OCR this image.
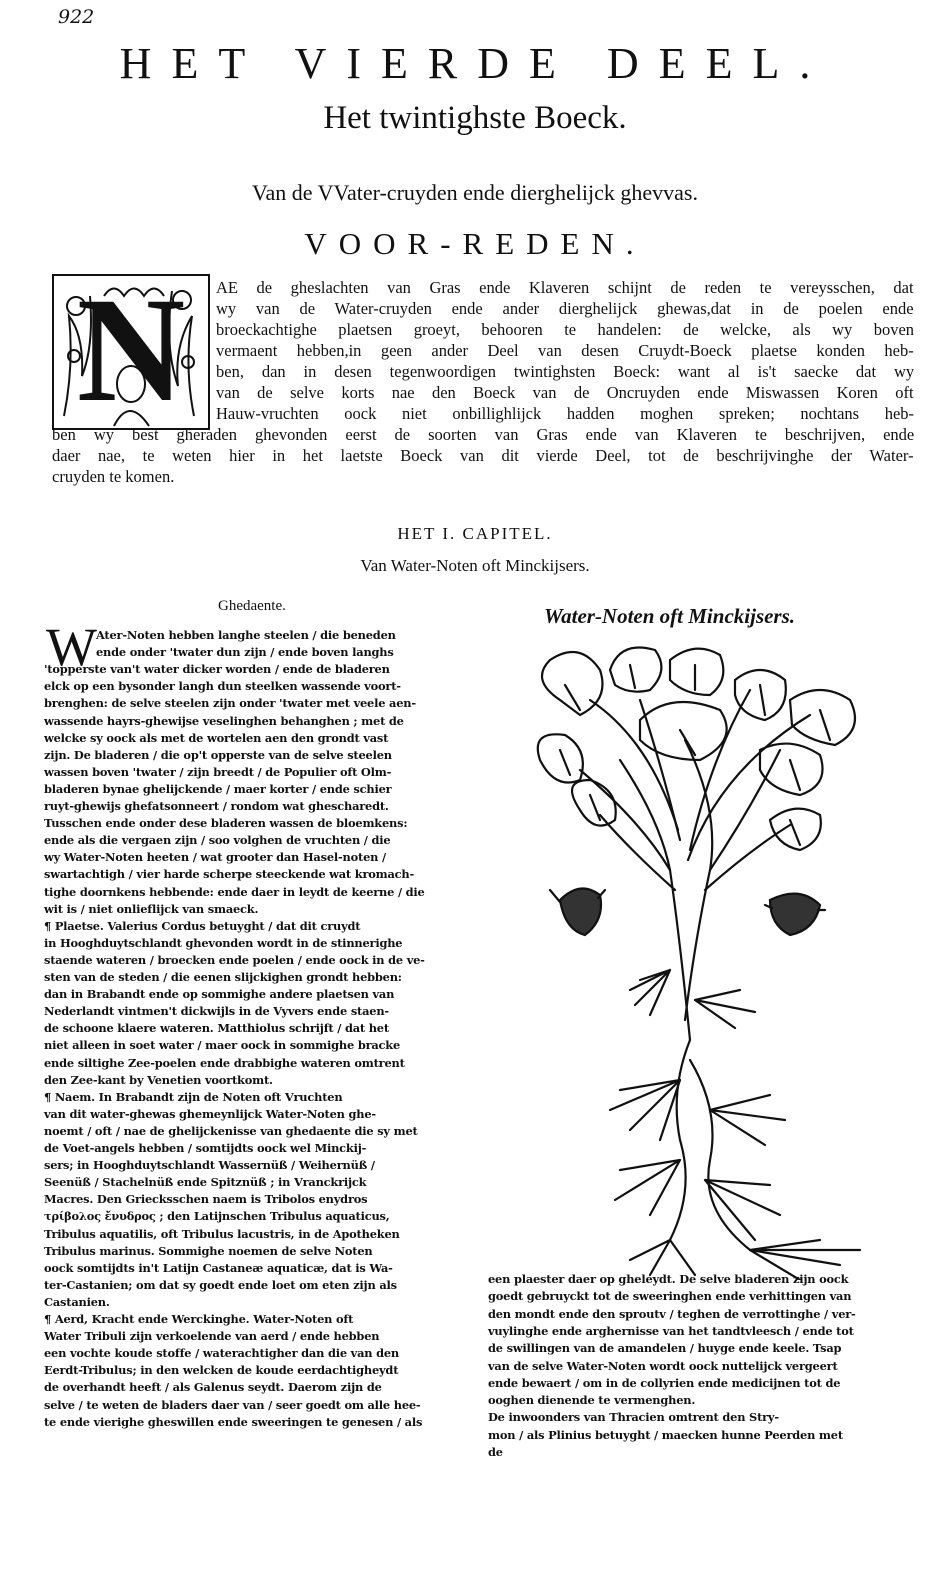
922
HET VIERDE DEEL.
Het twintighste Boeck.
Van de VVater-cruyden ende dierghelijck ghevvas.
VOOR-REDEN.
N	AE de gheslachten van Gras ende Klaveren schijnt de reden te vereysschen, dat
wy van de Water-cruyden ende ander dierghelijck ghewas,dat in de poelen ende
broeckachtighe plaetsen groeyt, behooren te handelen: de welcke, als wy boven
vermaent hebben,in geen ander Deel van desen Cruydt-Boeck plaetse konden heb-
ben, dan in desen tegenwoordigen twintighsten Boeck: want al is't saecke dat wy
van de selve korts nae den Boeck van de Oncruyden ende Miswassen Koren oft
Hauw-vruchten oock niet onbillighlijck hadden moghen spreken; nochtans heb-
ben wy best gheraden ghevonden eerst de soorten van Gras ende van Klaveren te beschrijven, ende
daer nae, te weten hier in het laetste Boeck van dit vierde Deel, tot de beschrijvinghe der Water-
cruyden te komen.
HET I. CAPITEL.
Van Water-Noten oft Minckijsers.
Ghedaente.
W Ater-Noten hebben langhe steelen / die beneden
ende onder 'twater dun zijn / ende boven langhs
'topperste van't water dicker worden / ende de bladeren
elck op een bysonder langh dun steelken wassende voort-
brenghen: de selve steelen zijn onder 'twater met veele aen-
wassende hayrs-ghewijse veselinghen behanghen ; met de
welcke sy oock als met de wortelen aen den grondt vast
zijn. De bladeren / die op't opperste van de selve steelen
wassen boven 'twater / zijn breedt / de Populier oft Olm-
bladeren bynae ghelijckende / maer korter / ende schier
ruyt-ghewijs ghefatsonneert / rondom wat ghescharedt.
Tusschen ende onder dese bladeren wassen de bloemkens:
ende als die vergaen zijn / soo volghen de vruchten / die
wy Water-Noten heeten / wat grooter dan Hasel-noten /
swartachtigh / vier harde scherpe steeckende wat kromach-
tighe doornkens hebbende: ende daer in leydt de keerne / die
wit is / niet onlieflijck van smaeck.
¶ Plaetse. Valerius Cordus betuyght / dat dit cruydt
in Hooghduytschlandt ghevonden wordt in de stinnerighe
staende wateren / broecken ende poelen / ende oock in de ve-
sten van de steden / die eenen slijckighen grondt hebben:
dan in Brabandt ende op sommighe andere plaetsen van
Nederlandt vintmen't dickwijls in de Vyvers ende staen-
de schoone klaere wateren. Matthiolus schrijft / dat het
niet alleen in soet water / maer oock in sommighe bracke
ende siltighe Zee-poelen ende drabbighe wateren omtrent
den Zee-kant by Venetien voortkomt.
¶ Naem. In Brabandt zijn de Noten oft Vruchten
van dit water-ghewas ghemeynlijck Water-Noten ghe-
noemt / oft / nae de ghelijckenisse van ghedaente die sy met
de Voet-angels hebben / somtijdts oock wel Minckij-
sers; in Hooghduytschlandt Wassernüß / Weihernüß /
Seenüß / Stachelnüß ende Spitznüß ; in Vranckrijck
Macres. Den Griecksschen naem is Tribolos enydros
τρίβολος ἔνυδρος ; den Latijnschen Tribulus aquaticus,
Tribulus aquatilis, oft Tribulus lacustris, in de Apotheken
Tribulus marinus. Sommighe noemen de selve Noten
oock somtijdts in't Latijn Castaneæ aquaticæ, dat is Wa-
ter-Castanien; om dat sy goedt ende loet om eten zijn als
Castanien.
¶ Aerd, Kracht ende Werckinghe. Water-Noten oft
Water Tribuli zijn verkoelende van aerd / ende hebben
een vochte koude stoffe / waterachtigher dan die van den
Eerdt-Tribulus; in den welcken de koude eerdachtigheydt
de overhandt heeft / als Galenus seydt. Daerom zijn de
selve / te weten de bladers daer van / seer goedt om alle hee-
te ende vierighe gheswillen ende sweeringen te genesen / als
een plaester daer op gheleydt. De selve bladeren zijn oock
goedt gebruyckt tot de sweeringhen ende verhittingen van
den mondt ende den sproutv / teghen de verrottinghe / ver-
vuylinghe ende arghernisse van het tandtvleesch / ende tot
de swillingen van de amandelen / huyge ende keele. Tsap
van de selve Water-Noten wordt oock nuttelijck vergeert
ende bewaert / om in de collyrien ende medicijnen tot de
ooghen dienende te vermenghen.
De inwoonders van Thracien omtrent den Stry-
mon / als Plinius betuyght / maecken hunne Peerden met
de
Water-Noten oft Minckijsers.
